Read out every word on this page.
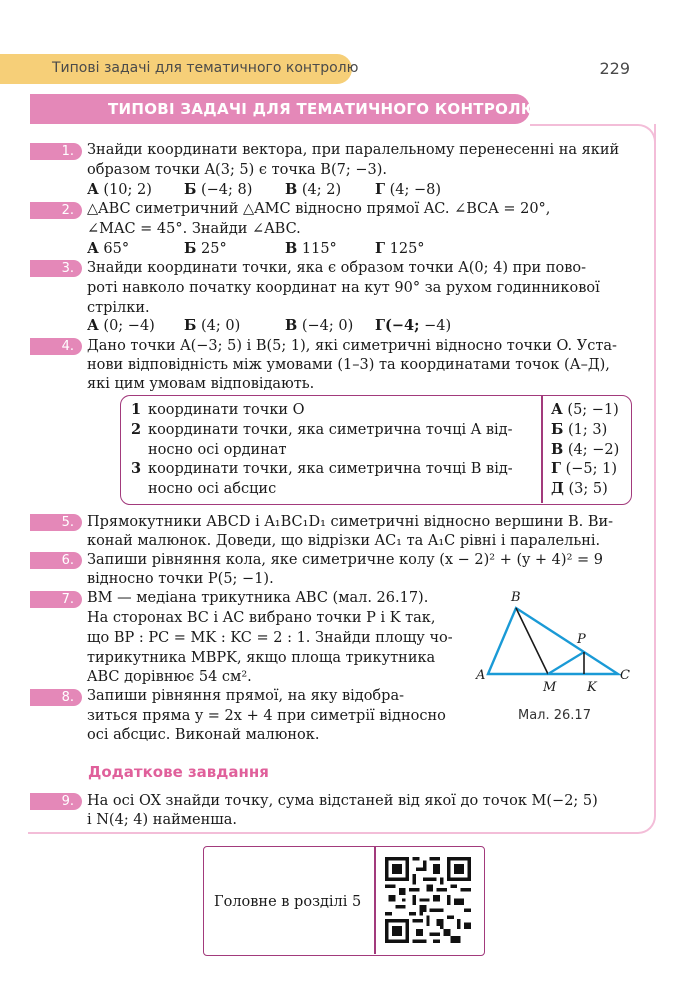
Типові задачі для тематичного контролю	229
ТИПОВІ ЗАДАЧІ ДЛЯ ТЕМАТИЧНОГО КОНТРОЛЮ
1. Знайди координати вектора, при паралельному перенесенні на який
образом точки A(3; 5) є точка B(7; −3).
А (10; 2) Б (−4; 8) В (4; 2) Г (4; −8)
2. △ABC симетричний △AMC відносно прямої AC. ∠BCA = 20°,
∠MAC = 45°. Знайди ∠ABC.
А 65°	Б 25°	В 115°	Г 125°
3. Знайди координати точки, яка є образом точки A(0; 4) при пово-
роті навколо початку координат на кут 90° за рухом годинникової
стрілки.
А (0; −4) Б (4; 0)	В (−4; 0) Г(−4; −4)
4. Дано точки A(−3; 5) і B(5; 1), які симетричні відносно точки O. Уста-
нови відповідність між умовами (1–3) та координатами точок (А–Д),
які цим умовам відповідають.
1 координати точки O
2 координати точки, яка симетрична точці A від-
носно осі ординат
3 координати точки, яка симетрична точці B від-
носно осі абсцис
А (5; −1)
Б (1; 3)
В (4; −2)
Г (−5; 1)
Д (3; 5)
5. Прямокутники ABCD і A₁BC₁D₁ симетричні відносно вершини B. Ви-
конай малюнок. Доведи, що відрізки AC₁ та A₁C рівні і паралельні.
6. Запиши рівняння кола, яке симетричне колу (x − 2)² + (y + 4)² = 9
відносно точки P(5; −1).
7. BM — медіана трикутника ABC (мал. 26.17).
На сторонах BC і AC вибрано точки P і K так,
що BP : PC = MK : KC = 2 : 1. Знайди площу чо-
тирикутника MBPK, якщо площа трикутника
ABC дорівнює 54 см².
8. Запиши рівняння прямої, на яку відобра-
зиться пряма y = 2x + 4 при симетрії відносно
осі абсцис. Виконай малюнок.
B
P
A
M K
C
Мал. 26.17
Додаткове завдання
9. На осі OX знайди точку, сума відстаней від якої до точок M(−2; 5)
і N(4; 4) найменша.
Головне в розділі 5
